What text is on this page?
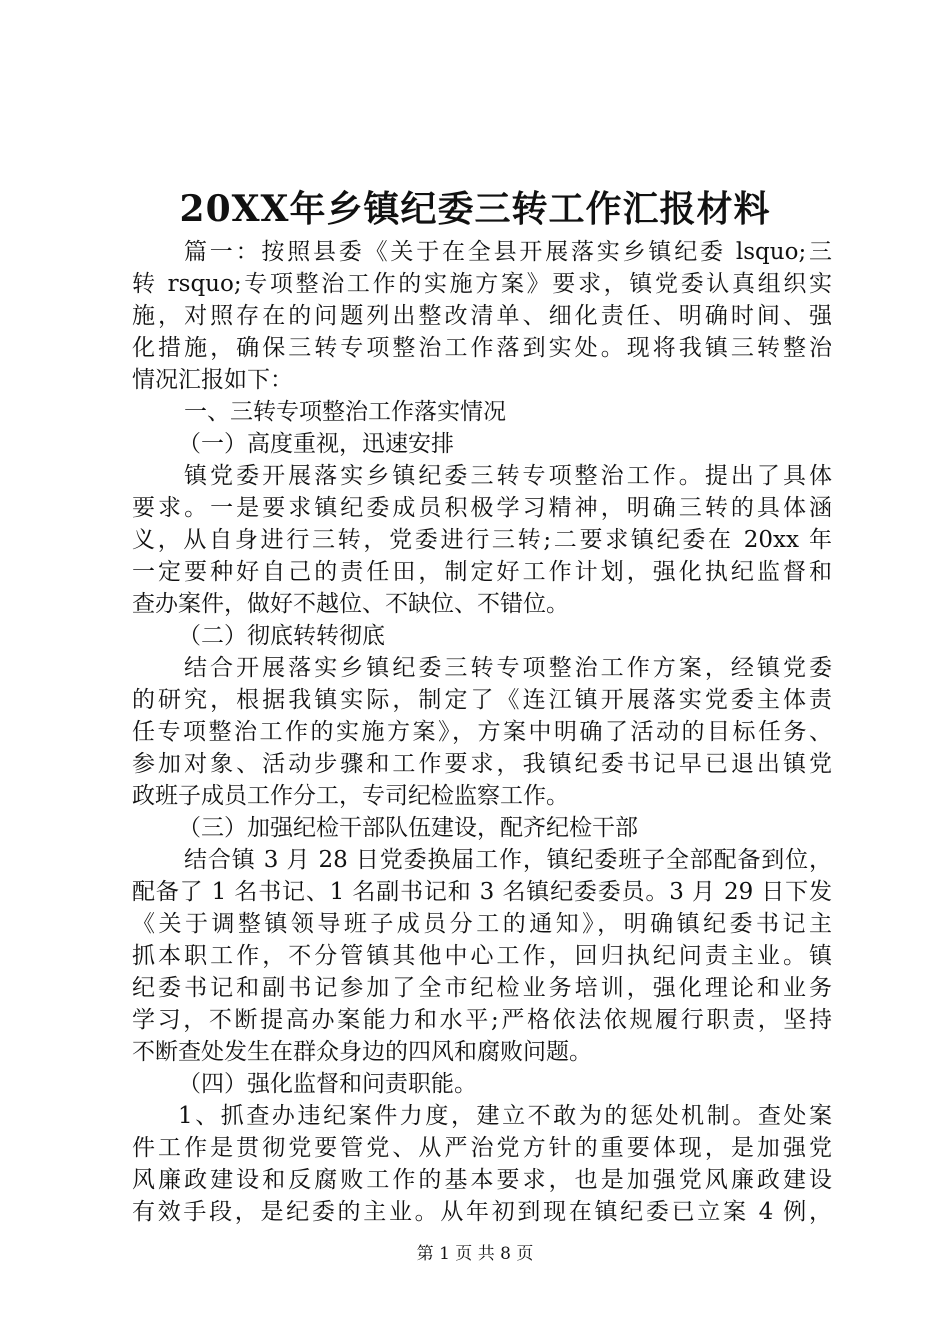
20XX年乡镇纪委三转工作汇报材料
篇一：按照县委《关于在全县开展落实乡镇纪委 lsquo;三
转 rsquo;专项整治工作的实施方案》要求，镇党委认真组织实
施，对照存在的问题列出整改清单、细化责任、明确时间、强
化措施，确保三转专项整治工作落到实处。现将我镇三转整治
情况汇报如下：
一、三转专项整治工作落实情况
（一）高度重视，迅速安排
镇党委开展落实乡镇纪委三转专项整治工作。提出了具体
要求。一是要求镇纪委成员积极学习精神，明确三转的具体涵
义，从自身进行三转，党委进行三转;二要求镇纪委在 20xx 年
一定要种好自己的责任田，制定好工作计划，强化执纪监督和
查办案件，做好不越位、不缺位、不错位。
（二）彻底转转彻底
结合开展落实乡镇纪委三转专项整治工作方案，经镇党委
的研究，根据我镇实际，制定了《连江镇开展落实党委主体责
任专项整治工作的实施方案》，方案中明确了活动的目标任务、
参加对象、活动步骤和工作要求，我镇纪委书记早已退出镇党
政班子成员工作分工，专司纪检监察工作。
（三）加强纪检干部队伍建设，配齐纪检干部
结合镇 3 月 28 日党委换届工作，镇纪委班子全部配备到位，
配备了 1 名书记、1 名副书记和 3 名镇纪委委员。3 月 29 日下发
《关于调整镇领导班子成员分工的通知》，明确镇纪委书记主
抓本职工作，不分管镇其他中心工作，回归执纪问责主业。镇
纪委书记和副书记参加了全市纪检业务培训，强化理论和业务
学习，不断提高办案能力和水平;严格依法依规履行职责，坚持
不断查处发生在群众身边的四风和腐败问题。
（四）强化监督和问责职能。
1、抓查办违纪案件力度，建立不敢为的惩处机制。查处案
件工作是贯彻党要管党、从严治党方针的重要体现，是加强党
风廉政建设和反腐败工作的基本要求，也是加强党风廉政建设
有效手段，是纪委的主业。从年初到现在镇纪委已立案 4 例，
第 1 页 共 8 页
